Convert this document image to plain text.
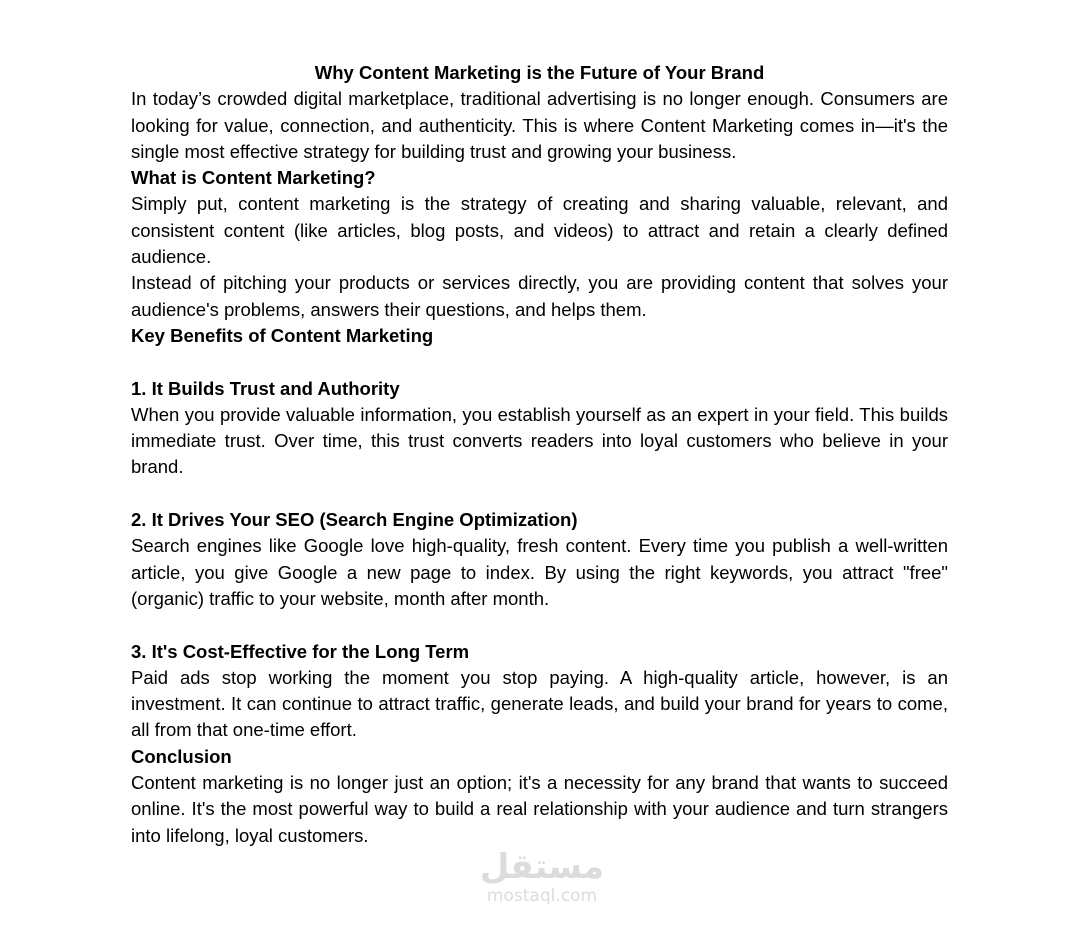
Why Content Marketing is the Future of Your Brand

In today’s crowded digital marketplace, traditional advertising is no longer enough. Consumers are looking for value, connection, and authenticity. This is where Content Marketing comes in—it's the single most effective strategy for building trust and growing your business.

What is Content Marketing?

Simply put, content marketing is the strategy of creating and sharing valuable, relevant, and consistent content (like articles, blog posts, and videos) to attract and retain a clearly defined audience.

Instead of pitching your products or services directly, you are providing content that solves your audience's problems, answers their questions, and helps them.

Key Benefits of Content Marketing
1. It Builds Trust and Authority

When you provide valuable information, you establish yourself as an expert in your field. This builds immediate trust. Over time, this trust converts readers into loyal customers who believe in your brand.

2. It Drives Your SEO (Search Engine Optimization)

Search engines like Google love high-quality, fresh content. Every time you publish a well-written article, you give Google a new page to index. By using the right keywords, you attract "free" (organic) traffic to your website, month after month.

3. It's Cost-Effective for the Long Term

Paid ads stop working the moment you stop paying. A high-quality article, however, is an investment. It can continue to attract traffic, generate leads, and build your brand for years to come, all from that one-time effort.

Conclusion

Content marketing is no longer just an option; it's a necessity for any brand that wants to succeed online. It's the most powerful way to build a real relationship with your audience and turn strangers into lifelong, loyal customers.

مستقل
mostaql.com
